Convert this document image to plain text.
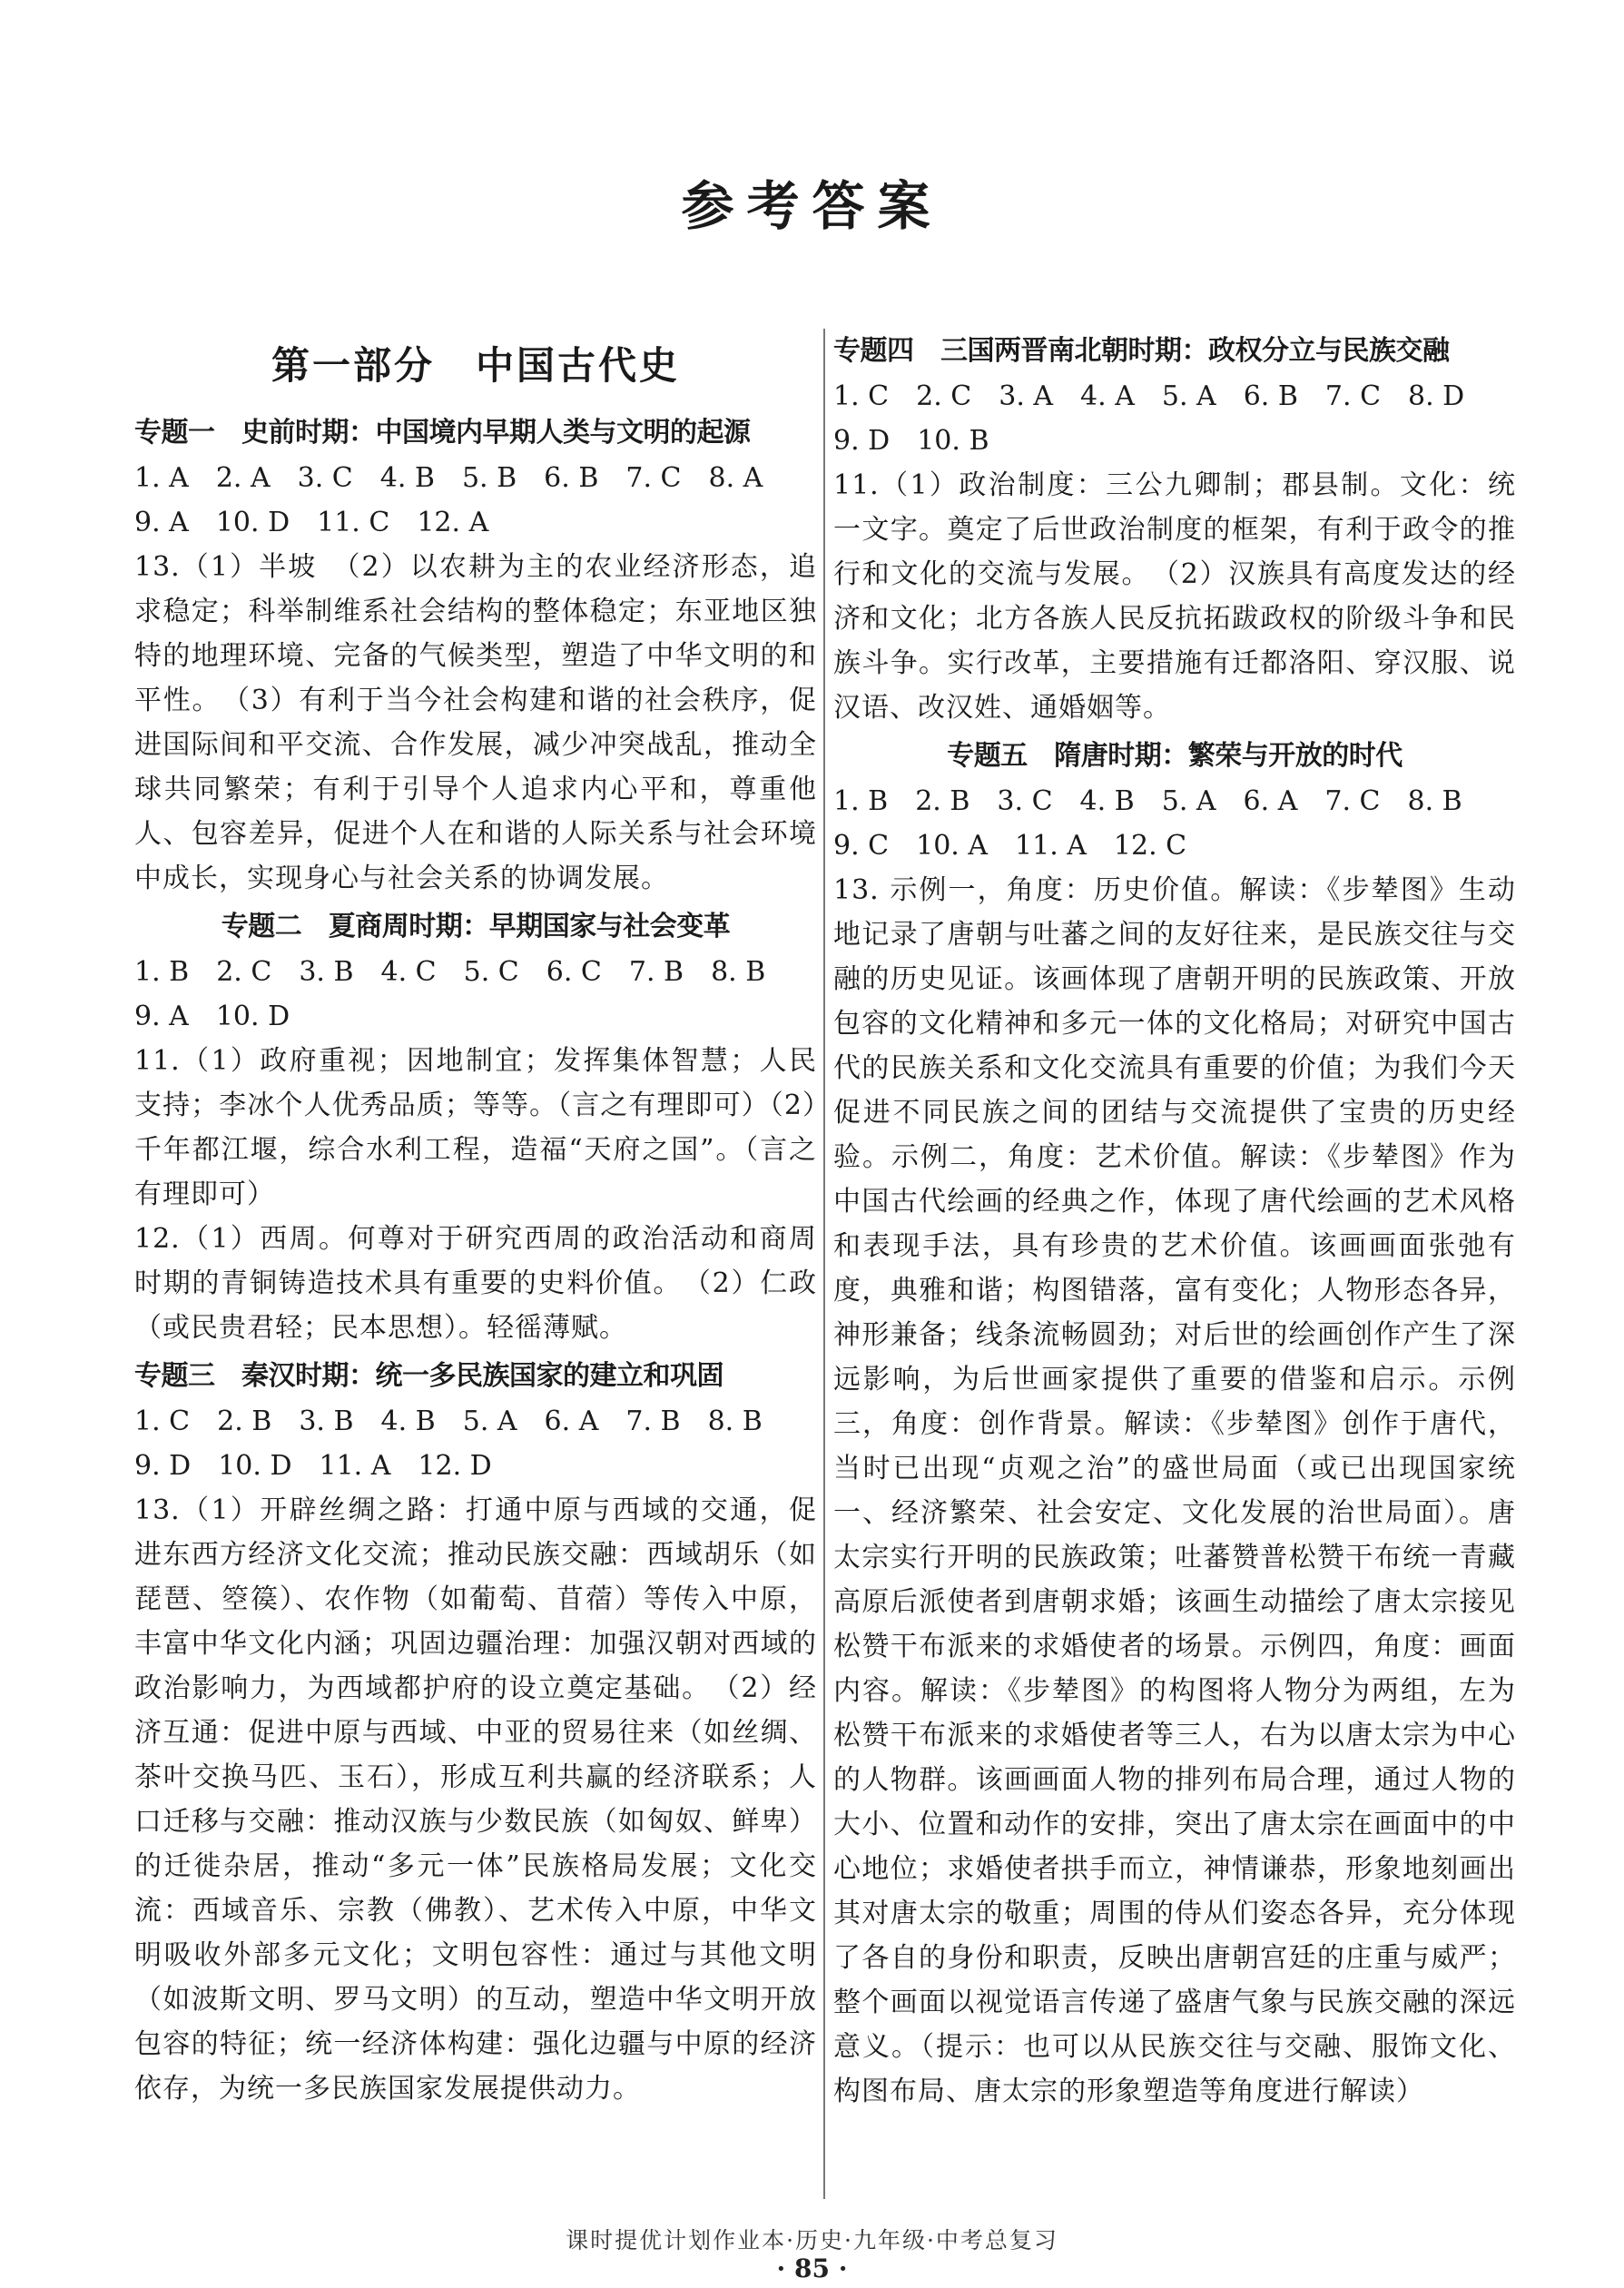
参考答案
第一部分　中国古代史

专题一　史前时期：中国境内早期人类与文明的起源

1. A　2. A　3. C　4. B　5. B　6. B　7. C　8. A

9. A　10. D　11. C　12. A

13.（1）半坡　（2）以农耕为主的农业经济形态，追求稳定；科举制维系社会结构的整体稳定；东亚地区独特的地理环境、完备的气候类型，塑造了中华文明的和平性。　（3）有利于当今社会构建和谐的社会秩序，促进国际间和平交流、合作发展，减少冲突战乱，推动全球共同繁荣；有利于引导个人追求内心平和，尊重他人、包容差异，促进个人在和谐的人际关系与社会环境中成长，实现身心与社会关系的协调发展。

专题二　夏商周时期：早期国家与社会变革

1. B　2. C　3. B　4. C　5. C　6. C　7. B　8. B

9. A　10. D

11.（1）政府重视；因地制宜；发挥集体智慧；人民支持；李冰个人优秀品质；等等。（言之有理即可）（2）千年都江堰，综合水利工程，造福“天府之国”。（言之有理即可）

12.（1）西周。何尊对于研究西周的政治活动和商周时期的青铜铸造技术具有重要的史料价值。　（2）仁政（或民贵君轻；民本思想）。轻徭薄赋。

专题三　秦汉时期：统一多民族国家的建立和巩固

1. C　2. B　3. B　4. B　5. A　6. A　7. B　8. B

9. D　10. D　11. A　12. D

13.（1）开辟丝绸之路：打通中原与西域的交通，促进东西方经济文化交流；推动民族交融：西域胡乐（如琵琶、箜篌）、农作物（如葡萄、苜蓿）等传入中原，丰富中华文化内涵；巩固边疆治理：加强汉朝对西域的政治影响力，为西域都护府的设立奠定基础。　（2）经济互通：促进中原与西域、中亚的贸易往来（如丝绸、茶叶交换马匹、玉石），形成互利共赢的经济联系；人口迁移与交融：推动汉族与少数民族（如匈奴、鲜卑）的迁徙杂居，推动“多元一体”民族格局发展；文化交流：西域音乐、宗教（佛教）、艺术传入中原，中华文明吸收外部多元文化；文明包容性：通过与其他文明（如波斯文明、罗马文明）的互动，塑造中华文明开放包容的特征；统一经济体构建：强化边疆与中原的经济依存，为统一多民族国家发展提供动力。

专题四　三国两晋南北朝时期：政权分立与民族交融

1. C　2. C　3. A　4. A　5. A　6. B　7. C　8. D

9. D　10. B

11.（1）政治制度：三公九卿制；郡县制。文化：统一文字。奠定了后世政治制度的框架，有利于政令的推行和文化的交流与发展。　（2）汉族具有高度发达的经济和文化；北方各族人民反抗拓跋政权的阶级斗争和民族斗争。实行改革，主要措施有迁都洛阳、穿汉服、说汉语、改汉姓、通婚姻等。

专题五　隋唐时期：繁荣与开放的时代

1. B　2. B　3. C　4. B　5. A　6. A　7. C　8. B

9. C　10. A　11. A　12. C

13. 示例一，角度：历史价值。解读：《步辇图》生动地记录了唐朝与吐蕃之间的友好往来，是民族交往与交融的历史见证。该画体现了唐朝开明的民族政策、开放包容的文化精神和多元一体的文化格局；对研究中国古代的民族关系和文化交流具有重要的价值；为我们今天促进不同民族之间的团结与交流提供了宝贵的历史经验。示例二，角度：艺术价值。解读：《步辇图》作为中国古代绘画的经典之作，体现了唐代绘画的艺术风格和表现手法，具有珍贵的艺术价值。该画画面张弛有度，典雅和谐；构图错落，富有变化；人物形态各异，神形兼备；线条流畅圆劲；对后世的绘画创作产生了深远影响，为后世画家提供了重要的借鉴和启示。示例三，角度：创作背景。解读：《步辇图》创作于唐代，当时已出现“贞观之治”的盛世局面（或已出现国家统一、经济繁荣、社会安定、文化发展的治世局面）。唐太宗实行开明的民族政策；吐蕃赞普松赞干布统一青藏高原后派使者到唐朝求婚；该画生动描绘了唐太宗接见松赞干布派来的求婚使者的场景。示例四，角度：画面内容。解读：《步辇图》的构图将人物分为两组，左为松赞干布派来的求婚使者等三人，右为以唐太宗为中心的人物群。该画画面人物的排列布局合理，通过人物的大小、位置和动作的安排，突出了唐太宗在画面中的中心地位；求婚使者拱手而立，神情谦恭，形象地刻画出其对唐太宗的敬重；周围的侍从们姿态各异，充分体现了各自的身份和职责，反映出唐朝宫廷的庄重与威严；整个画面以视觉语言传递了盛唐气象与民族交融的深远意义。（提示：也可以从民族交往与交融、服饰文化、构图布局、唐太宗的形象塑造等角度进行解读）

课时提优计划作业本·历史·九年级·中考总复习
· 85 ·
